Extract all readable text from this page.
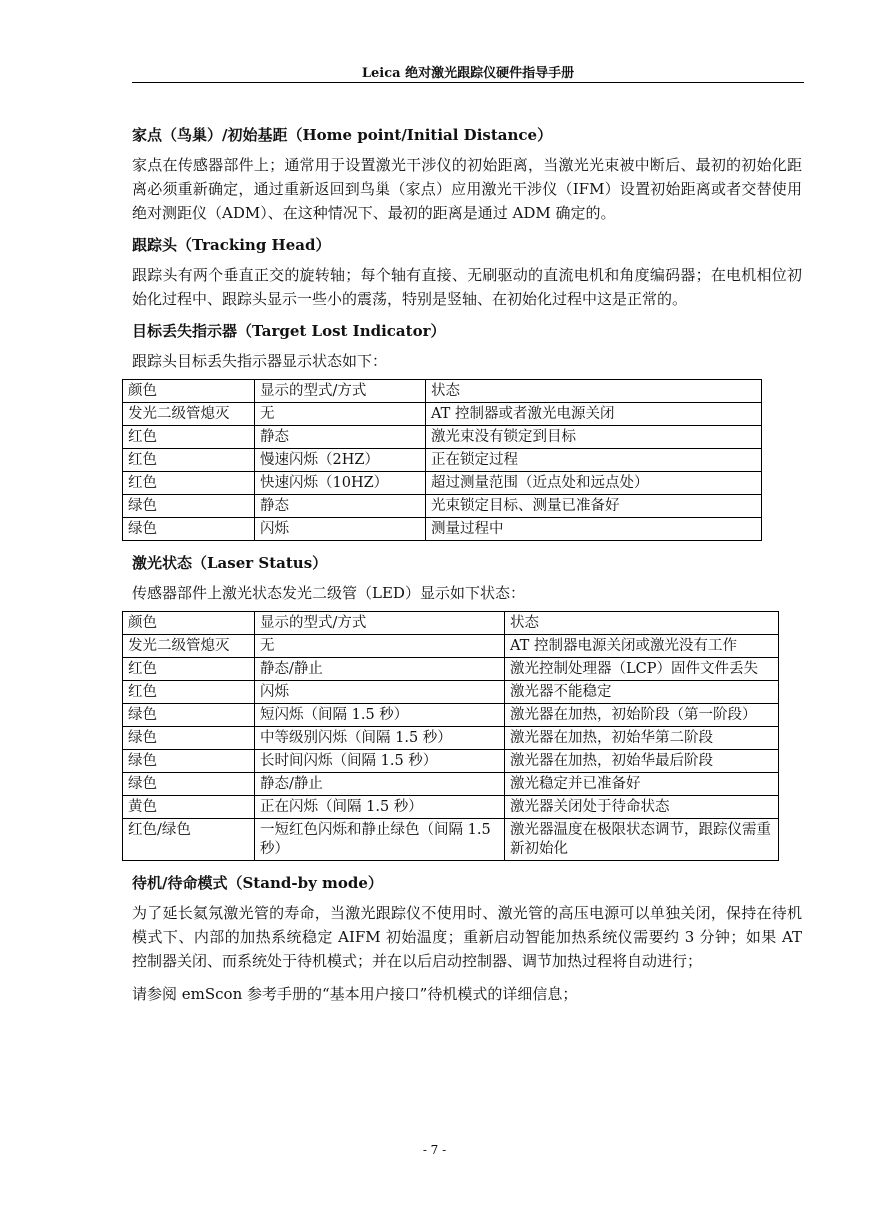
Leica 绝对激光跟踪仪硬件指导手册
家点（鸟巢）/初始基距（Home point/Initial Distance）

家点在传感器部件上；通常用于设置激光干涉仪的初始距离，当激光光束被中断后、最初的初始化距离必须重新确定，通过重新返回到鸟巢（家点）应用激光干涉仪（IFM）设置初始距离或者交替使用绝对测距仪（ADM）、在这种情况下、最初的距离是通过 ADM 确定的。

跟踪头（Tracking Head）

跟踪头有两个垂直正交的旋转轴；每个轴有直接、无刷驱动的直流电机和角度编码器；在电机相位初始化过程中、跟踪头显示一些小的震荡，特别是竖轴、在初始化过程中这是正常的。

目标丢失指示器（Target Lost Indicator）

跟踪头目标丢失指示器显示状态如下：

颜色	显示的型式/方式	状态
发光二级管熄灭	无	AT 控制器或者激光电源关闭
红色	静态	激光束没有锁定到目标
红色	慢速闪烁（2HZ）	正在锁定过程
红色	快速闪烁（10HZ）	超过测量范围（近点处和远点处）
绿色	静态	光束锁定目标、测量已准备好
绿色	闪烁	测量过程中
激光状态（Laser Status）

传感器部件上激光状态发光二级管（LED）显示如下状态：

颜色	显示的型式/方式	状态
发光二级管熄灭	无	AT 控制器电源关闭或激光没有工作
红色	静态/静止	激光控制处理器（LCP）固件文件丢失
红色	闪烁	激光器不能稳定
绿色	短闪烁（间隔 1.5 秒）	激光器在加热，初始阶段（第一阶段）
绿色	中等级别闪烁（间隔 1.5 秒）	激光器在加热，初始华第二阶段
绿色	长时间闪烁（间隔 1.5 秒）	激光器在加热，初始华最后阶段
绿色	静态/静止	激光稳定并已准备好
黄色	正在闪烁（间隔 1.5 秒）	激光器关闭处于待命状态
红色/绿色	一短红色闪烁和静止绿色（间隔 1.5 秒）	激光器温度在极限状态调节，跟踪仪需重新初始化
待机/待命模式（Stand-by mode）

为了延长氦氖激光管的寿命，当激光跟踪仪不使用时、激光管的高压电源可以单独关闭，保持在待机模式下、内部的加热系统稳定 AIFM 初始温度；重新启动智能加热系统仪需要约 3 分钟；如果 AT 控制器关闭、而系统处于待机模式；并在以后启动控制器、调节加热过程将自动进行；

请参阅 emScon 参考手册的“基本用户接口”待机模式的详细信息；

- 7 -
